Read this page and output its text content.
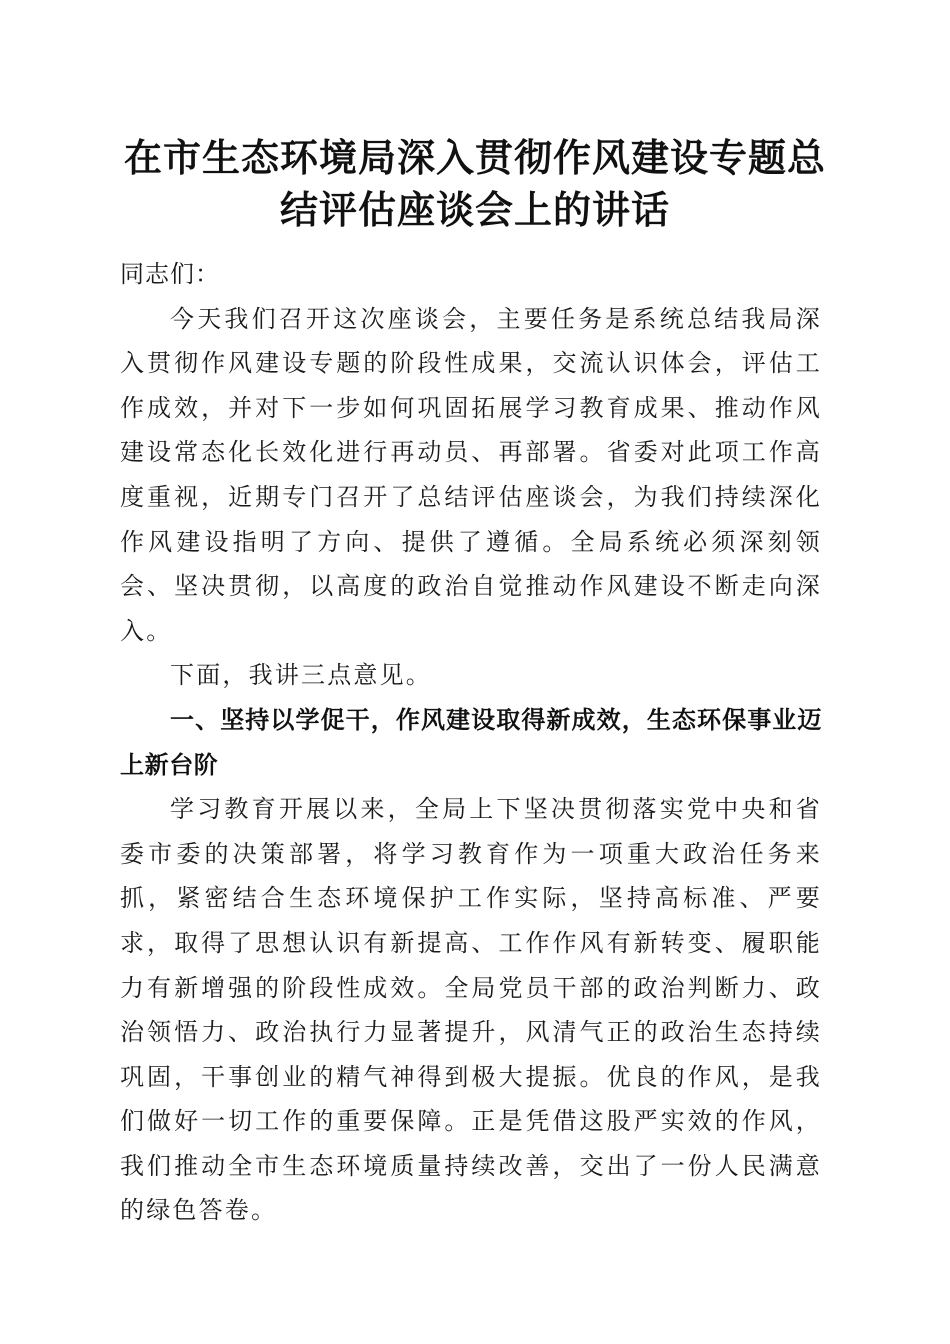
在市生态环境局深入贯彻作风建设专题总结评估座谈会上的讲话

同志们：

今天我们召开这次座谈会，主要任务是系统总结我局深入贯彻作风建设专题的阶段性成果，交流认识体会，评估工作成效，并对下一步如何巩固拓展学习教育成果、推动作风建设常态化长效化进行再动员、再部署。省委对此项工作高度重视，近期专门召开了总结评估座谈会，为我们持续深化作风建设指明了方向、提供了遵循。全局系统必须深刻领会、坚决贯彻，以高度的政治自觉推动作风建设不断走向深入。

下面，我讲三点意见。

一、坚持以学促干，作风建设取得新成效，生态环保事业迈上新台阶

学习教育开展以来，全局上下坚决贯彻落实党中央和省委市委的决策部署，将学习教育作为一项重大政治任务来抓，紧密结合生态环境保护工作实际，坚持高标准、严要求，取得了思想认识有新提高、工作作风有新转变、履职能力有新增强的阶段性成效。全局党员干部的政治判断力、政治领悟力、政治执行力显著提升，风清气正的政治生态持续巩固，干事创业的精气神得到极大提振。优良的作风，是我们做好一切工作的重要保障。正是凭借这股严实效的作风，我们推动全市生态环境质量持续改善，交出了一份人民满意的绿色答卷。
